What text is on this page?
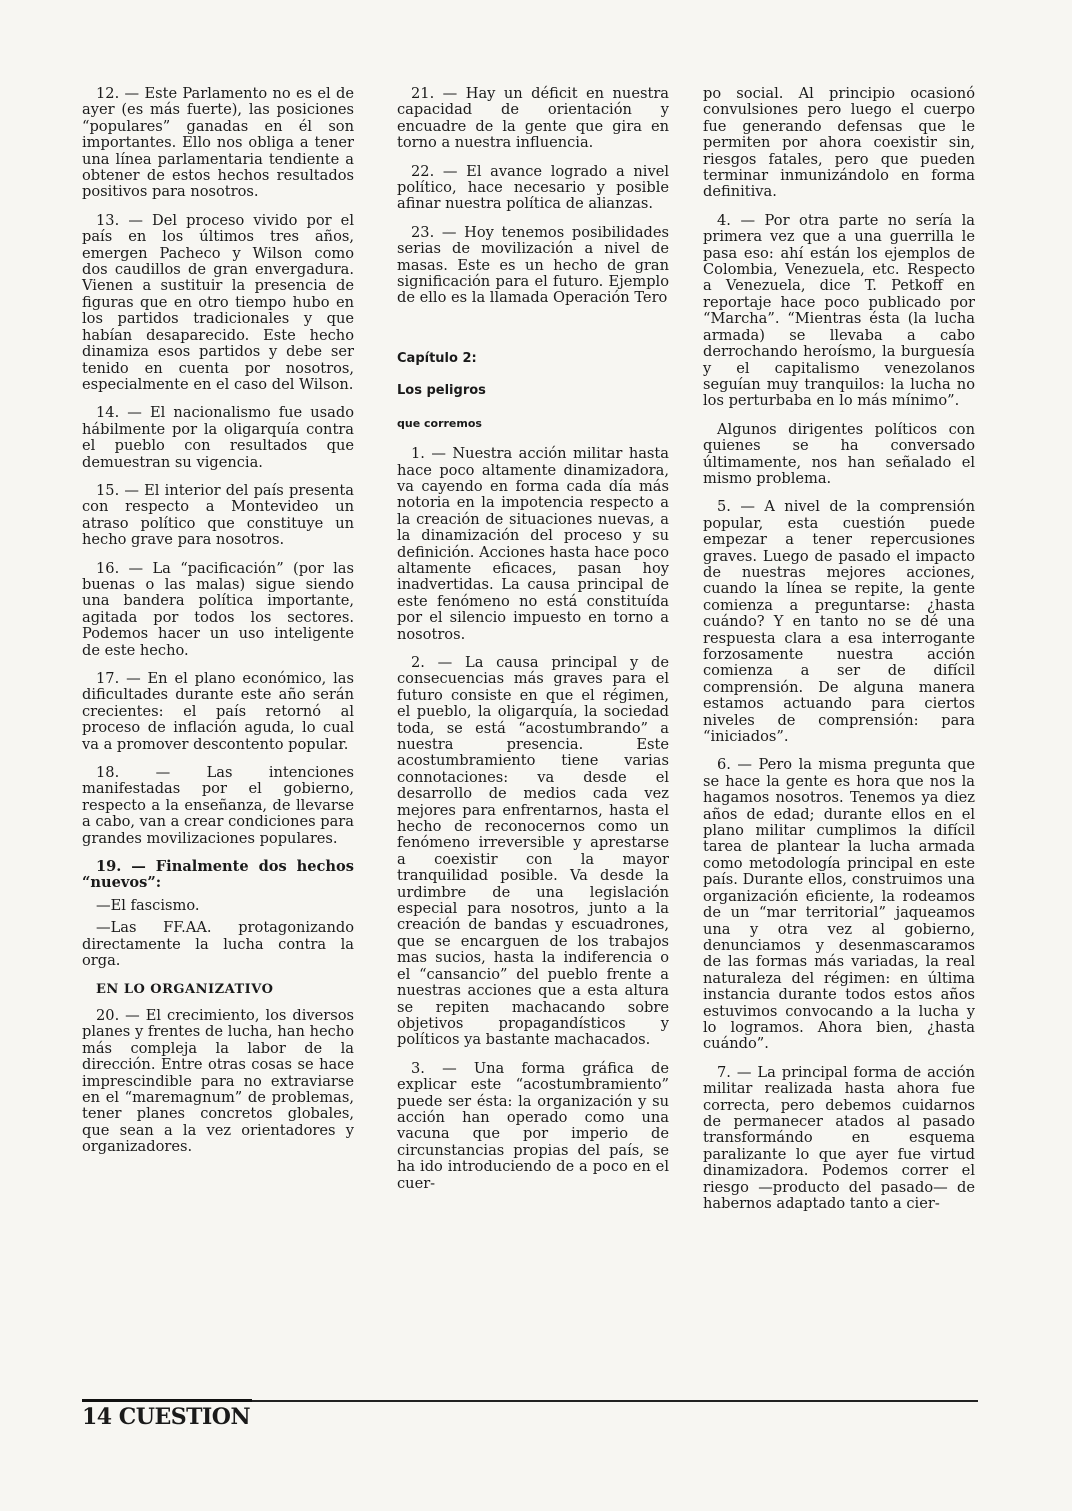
12. — Este Parlamento no es el de ayer (es más fuerte), las posiciones “populares” ganadas en él son importantes. Ello nos obliga a tener una línea parlamentaria tendiente a obtener de estos hechos resultados positivos para nosotros.

13. — Del proceso vivido por el país en los últimos tres años, emergen Pacheco y Wilson como dos caudillos de gran envergadura. Vienen a sustituir la presencia de figuras que en otro tiempo hubo en los partidos tradicionales y que habían desaparecido. Este hecho dinamiza esos partidos y debe ser tenido en cuenta por nosotros, especialmente en el caso del Wilson.

14. — El nacionalismo fue usado hábilmente por la oligarquía contra el pueblo con resultados que demuestran su vigencia.

15. — El interior del país presenta con respecto a Montevideo un atraso político que constituye un hecho grave para nosotros.

16. — La “pacificación” (por las buenas o las malas) sigue siendo una bandera política importante, agitada por todos los sectores. Podemos hacer un uso inteligente de este hecho.

17. — En el plano económico, las dificultades durante este año serán crecientes: el país retornó al proceso de inflación aguda, lo cual va a promover descontento popular.

18. — Las intenciones manifestadas por el gobierno, respecto a la enseñanza, de llevarse a cabo, van a crear condiciones para grandes movilizaciones populares.

19. — Finalmente dos hechos “nuevos”:

—El fascismo.

—Las FF.AA. protagonizando directamente la lucha contra la orga.

EN LO ORGANIZATIVO

20. — El crecimiento, los diversos planes y frentes de lucha, han hecho más compleja la labor de la dirección. Entre otras cosas se hace imprescindible para no extraviarse en el “maremagnum” de problemas, tener planes concretos globales, que sean a la vez orientadores y organizadores.

21. — Hay un déficit en nuestra capacidad de orientación y encuadre de la gente que gira en torno a nuestra influencia.

22. — El avance logrado a nivel político, hace necesario y posible afinar nuestra política de alianzas.

23. — Hoy tenemos posibilidades serias de movilización a nivel de masas. Este es un hecho de gran significación para el futuro. Ejemplo de ello es la llamada Operación Tero

Capítulo 2:
Los peligros
que corremos

1. — Nuestra acción militar hasta hace poco altamente dinamizadora, va cayendo en forma cada día más notoria en la impotencia respecto a la creación de situaciones nuevas, a la dinamización del proceso y su definición. Acciones hasta hace poco altamente eficaces, pasan hoy inadvertidas. La causa principal de este fenómeno no está constituída por el silencio impuesto en torno a nosotros.

2. — La causa principal y de consecuencias más graves para el futuro consiste en que el régimen, el pueblo, la oligarquía, la sociedad toda, se está “acostumbrando” a nuestra presencia. Este acostumbramiento tiene varias connotaciones: va desde el desarrollo de medios cada vez mejores para enfrentarnos, hasta el hecho de reconocernos como un fenómeno irreversible y aprestarse a coexistir con la mayor tranquilidad posible. Va desde la urdimbre de una legislación especial para nosotros, junto a la creación de bandas y escuadrones, que se encarguen de los trabajos mas sucios, hasta la indiferencia o el “cansancio” del pueblo frente a nuestras acciones que a esta altura se repiten machacando sobre objetivos propagandísticos y políticos ya bastante machacados.

3. — Una forma gráfica de explicar este “acostumbramiento” puede ser ésta: la organización y su acción han operado como una vacuna que por imperio de circunstancias propias del país, se ha ido introduciendo de a poco en el cuer-

po social. Al principio ocasionó convulsiones pero luego el cuerpo fue generando defensas que le permiten por ahora coexistir sin, riesgos fatales, pero que pueden terminar inmunizándolo en forma definitiva.

4. — Por otra parte no sería la primera vez que a una guerrilla le pasa eso: ahí están los ejemplos de Colombia, Venezuela, etc. Respecto a Venezuela, dice T. Petkoff en reportaje hace poco publicado por “Marcha”. “Mientras ésta (la lucha armada) se llevaba a cabo derrochando heroísmo, la burguesía y el capitalismo venezolanos seguían muy tranquilos: la lucha no los perturbaba en lo más mínimo”.

Algunos dirigentes políticos con quienes se ha conversado últimamente, nos han señalado el mismo problema.

5. — A nivel de la comprensión popular, esta cuestión puede empezar a tener repercusiones graves. Luego de pasado el impacto de nuestras mejores acciones, cuando la línea se repite, la gente comienza a preguntarse: ¿hasta cuándo? Y en tanto no se dé una respuesta clara a esa interrogante forzosamente nuestra acción comienza a ser de difícil comprensión. De alguna manera estamos actuando para ciertos niveles de comprensión: para “iniciados”.

6. — Pero la misma pregunta que se hace la gente es hora que nos la hagamos nosotros. Tenemos ya diez años de edad; durante ellos en el plano militar cumplimos la difícil tarea de plantear la lucha armada como metodología principal en este país. Durante ellos, construimos una organización eficiente, la rodeamos de un “mar territorial” jaqueamos una y otra vez al gobierno, denunciamos y desenmascaramos de las formas más variadas, la real naturaleza del régimen: en última instancia durante todos estos años estuvimos convocando a la lucha y lo logramos. Ahora bien, ¿hasta cuándo”.

7. — La principal forma de acción militar realizada hasta ahora fue correcta, pero debemos cuidarnos de permanecer atados al pasado transformándo en esquema paralizante lo que ayer fue virtud dinamizadora. Podemos correr el riesgo —producto del pasado— de habernos adaptado tanto a cier-

14 CUESTION
